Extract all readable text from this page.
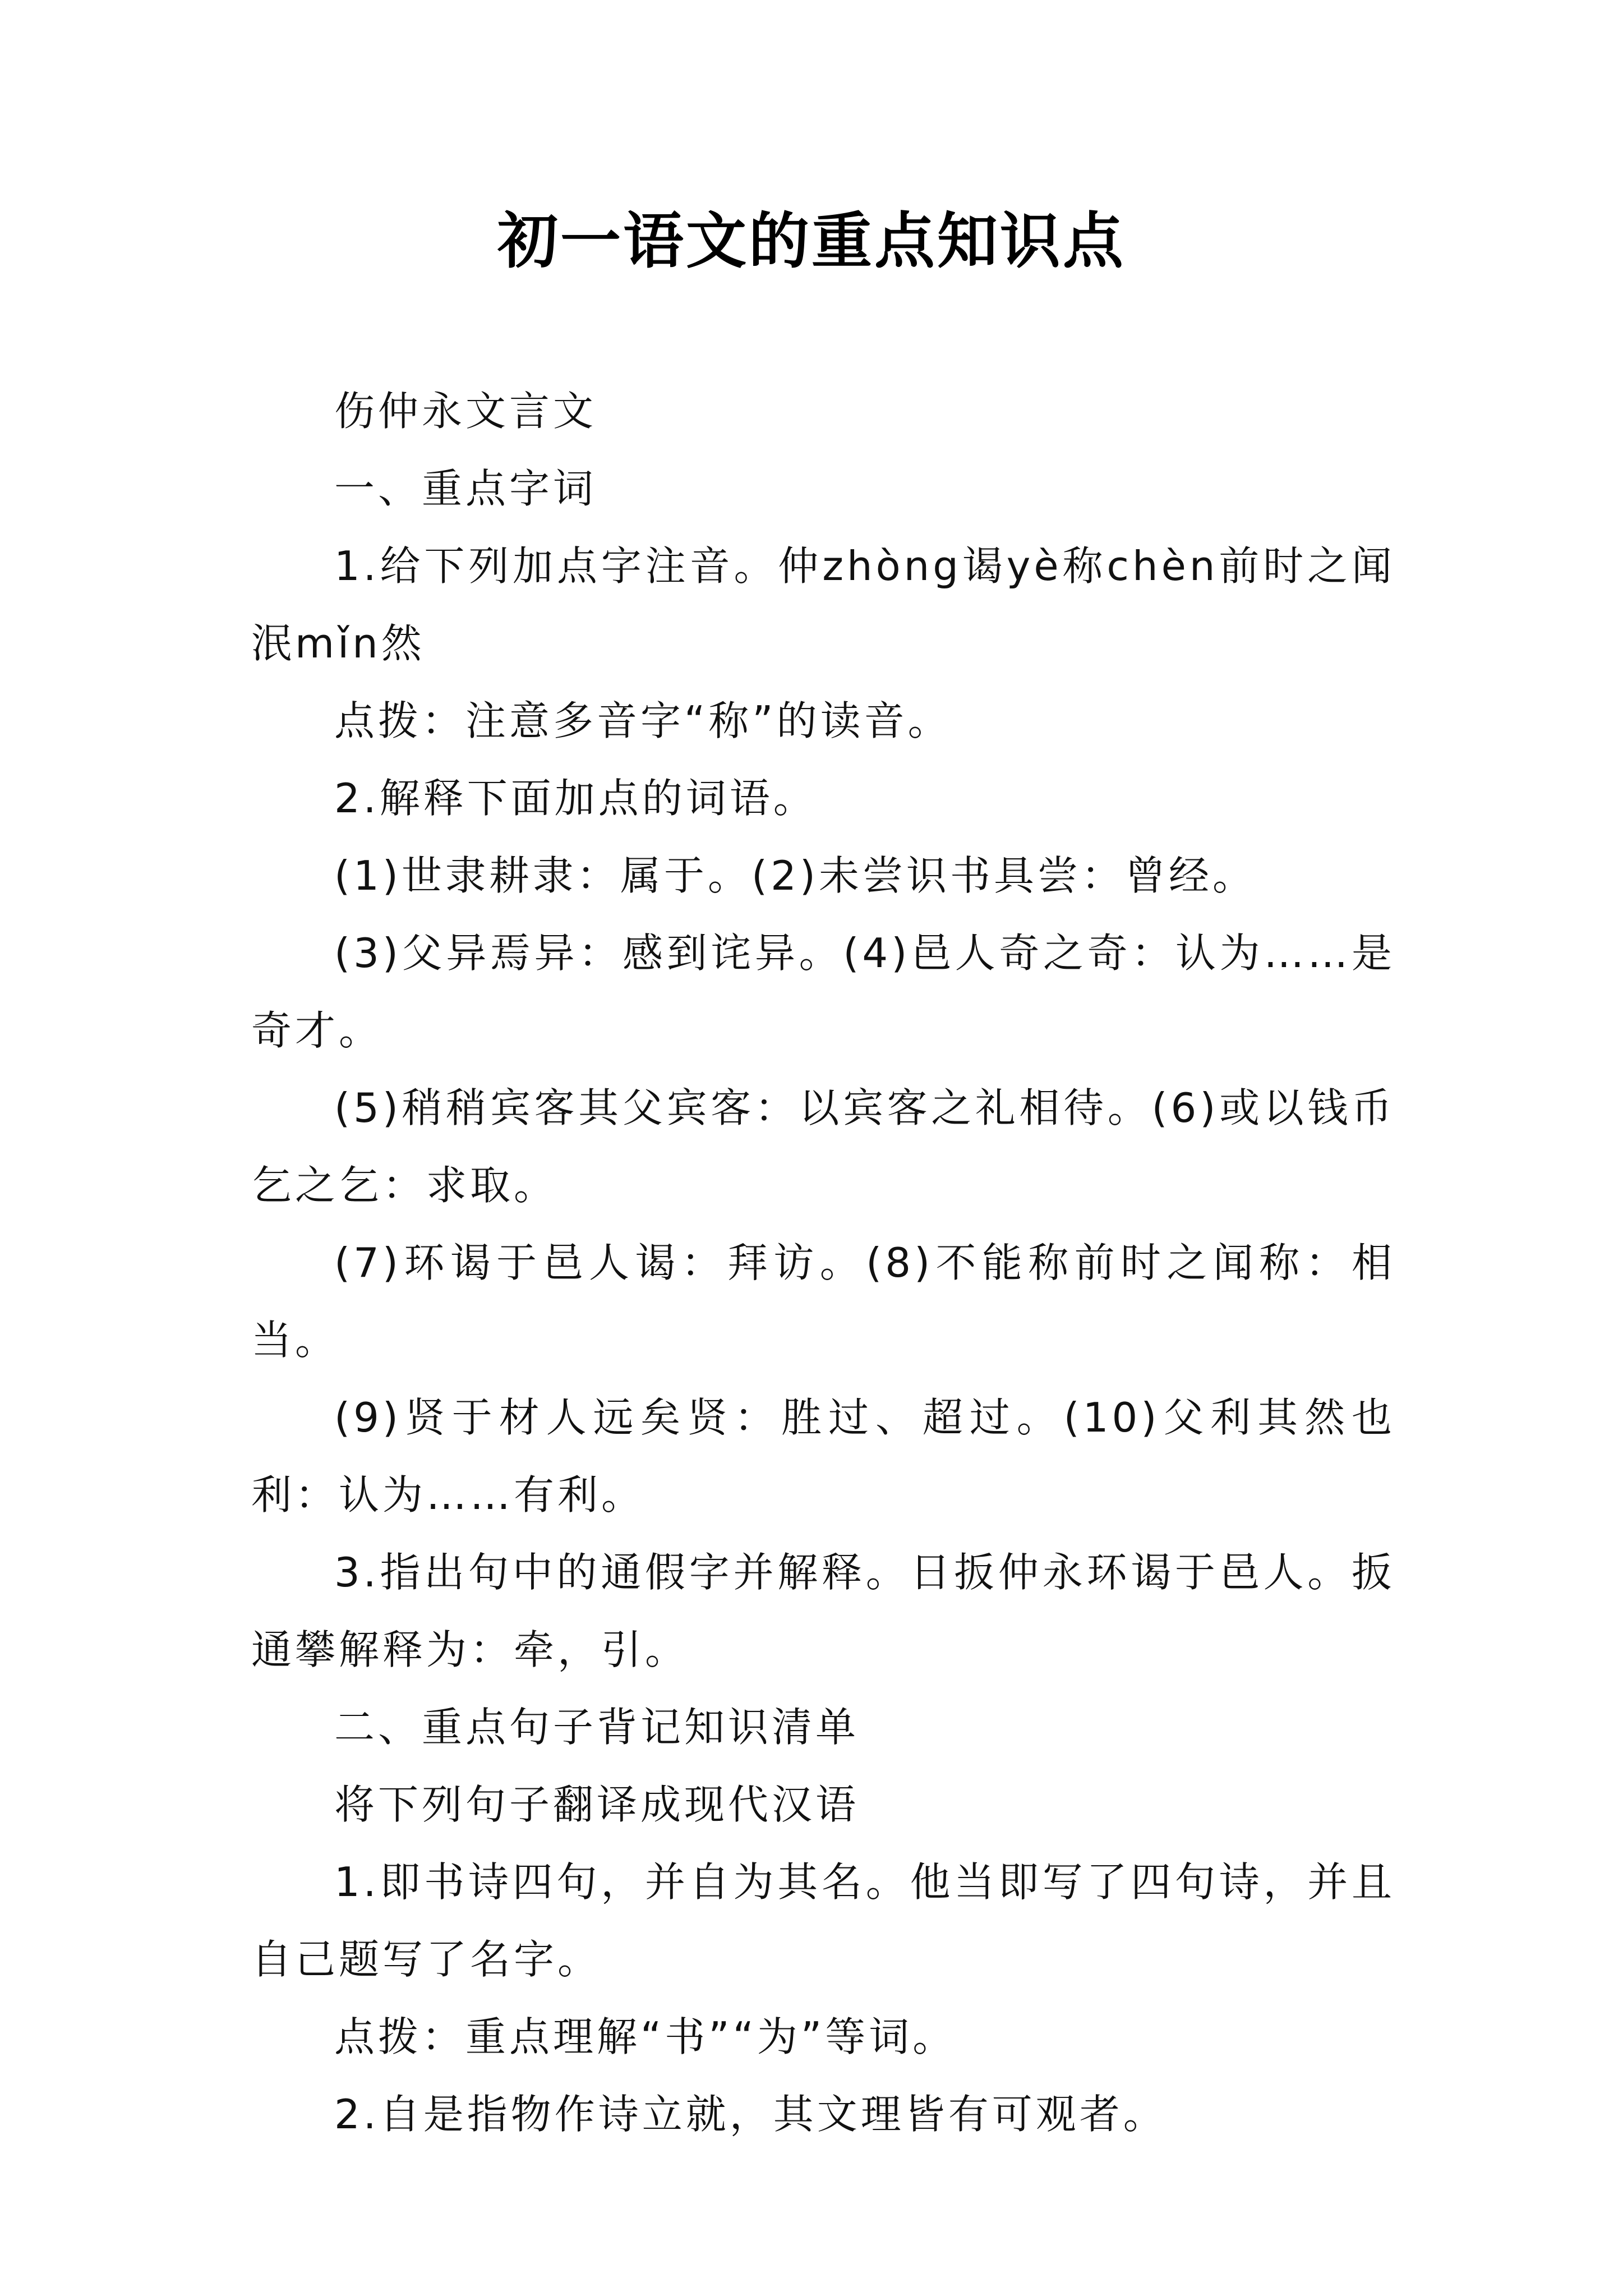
初一语文的重点知识点

伤仲永文言文

一、重点字词

1.给下列加点字注音。仲zhòng谒yè称chèn前时之闻泯mǐn然

点拨：注意多音字“称”的读音。

2.解释下面加点的词语。

(1)世隶耕隶：属于。(2)未尝识书具尝：曾经。

(3)父异焉异：感到诧异。(4)邑人奇之奇：认为……是奇才。

(5)稍稍宾客其父宾客：以宾客之礼相待。(6)或以钱币乞之乞：求取。

(7)环谒于邑人谒：拜访。(8)不能称前时之闻称：相当。

(9)贤于材人远矣贤：胜过、超过。(10)父利其然也利：认为……有利。

3.指出句中的通假字并解释。日扳仲永环谒于邑人。扳通攀解释为：牵，引。

二、重点句子背记知识清单

将下列句子翻译成现代汉语

1.即书诗四句，并自为其名。他当即写了四句诗，并且自己题写了名字。

点拨：重点理解“书”“为”等词。

2.自是指物作诗立就，其文理皆有可观者。
